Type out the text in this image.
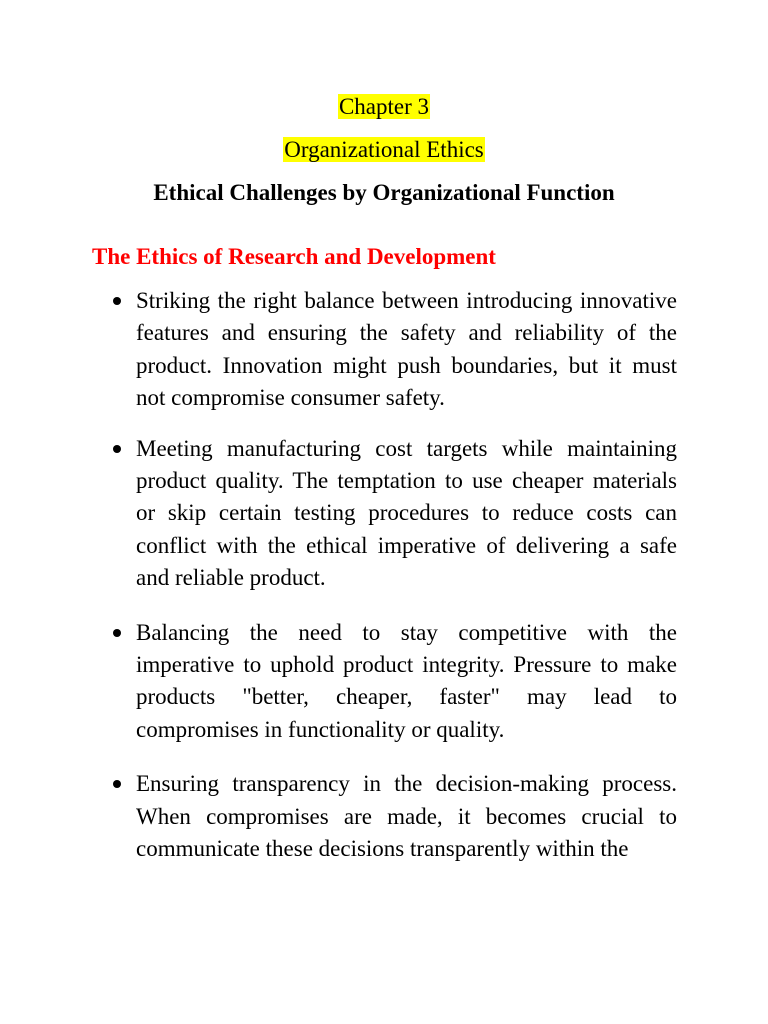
Chapter 3
Organizational Ethics
Ethical Challenges by Organizational Function
The Ethics of Research and Development
Striking the right balance between introducing innovative features and ensuring the safety and reliability of the product. Innovation might push boundaries, but it must not compromise consumer safety.
Meeting manufacturing cost targets while maintaining product quality. The temptation to use cheaper materials or skip certain testing procedures to reduce costs can conflict with the ethical imperative of delivering a safe and reliable product.
Balancing the need to stay competitive with the imperative to uphold product integrity. Pressure to make products "better, cheaper, faster" may lead to compromises in functionality or quality.
Ensuring transparency in the decision-making process. When compromises are made, it becomes crucial to communicate these decisions transparently within the
